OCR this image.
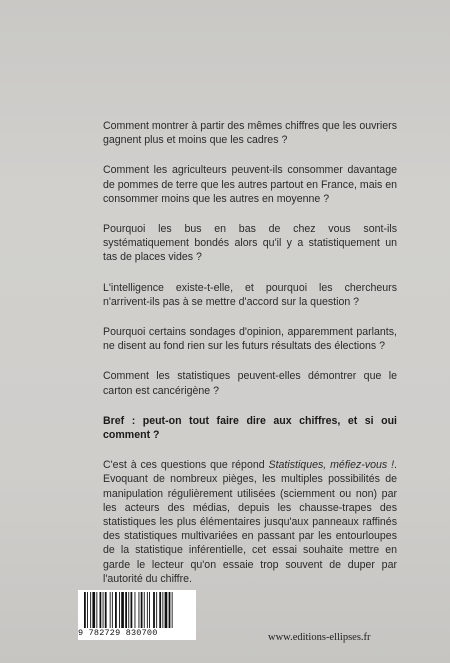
Comment montrer à partir des mêmes chiffres que les ouvriers gagnent plus et moins que les cadres ?

Comment les agriculteurs peuvent-ils consommer davantage de pommes de terre que les autres partout en France, mais en consommer moins que les autres en moyenne ?

Pourquoi les bus en bas de chez vous sont-ils systématiquement bondés alors qu'il y a statistiquement un tas de places vides ?

L'intelligence existe-t-elle, et pourquoi les chercheurs n'arrivent-ils pas à se mettre d'accord sur la question ?

Pourquoi certains sondages d'opinion, apparemment parlants, ne disent au fond rien sur les futurs résultats des élections ?

Comment les statistiques peuvent-elles démontrer que le carton est cancérigène ?

Bref : peut-on tout faire dire aux chiffres, et si oui comment ?

C'est à ces questions que répond Statistiques, méfiez-vous !. Evoquant de nombreux pièges, les multiples possibilités de manipulation régulièrement utilisées (sciemment ou non) par les acteurs des médias, depuis les chausse-trapes des statistiques les plus élémentaires jusqu'aux panneaux raffinés des statistiques multivariées en passant par les entourloupes de la statistique inférentielle, cet essai souhaite mettre en garde le lecteur qu'on essaie trop souvent de duper par l'autorité du chiffre.

9 782729 830700	www.editions-ellipses.fr
